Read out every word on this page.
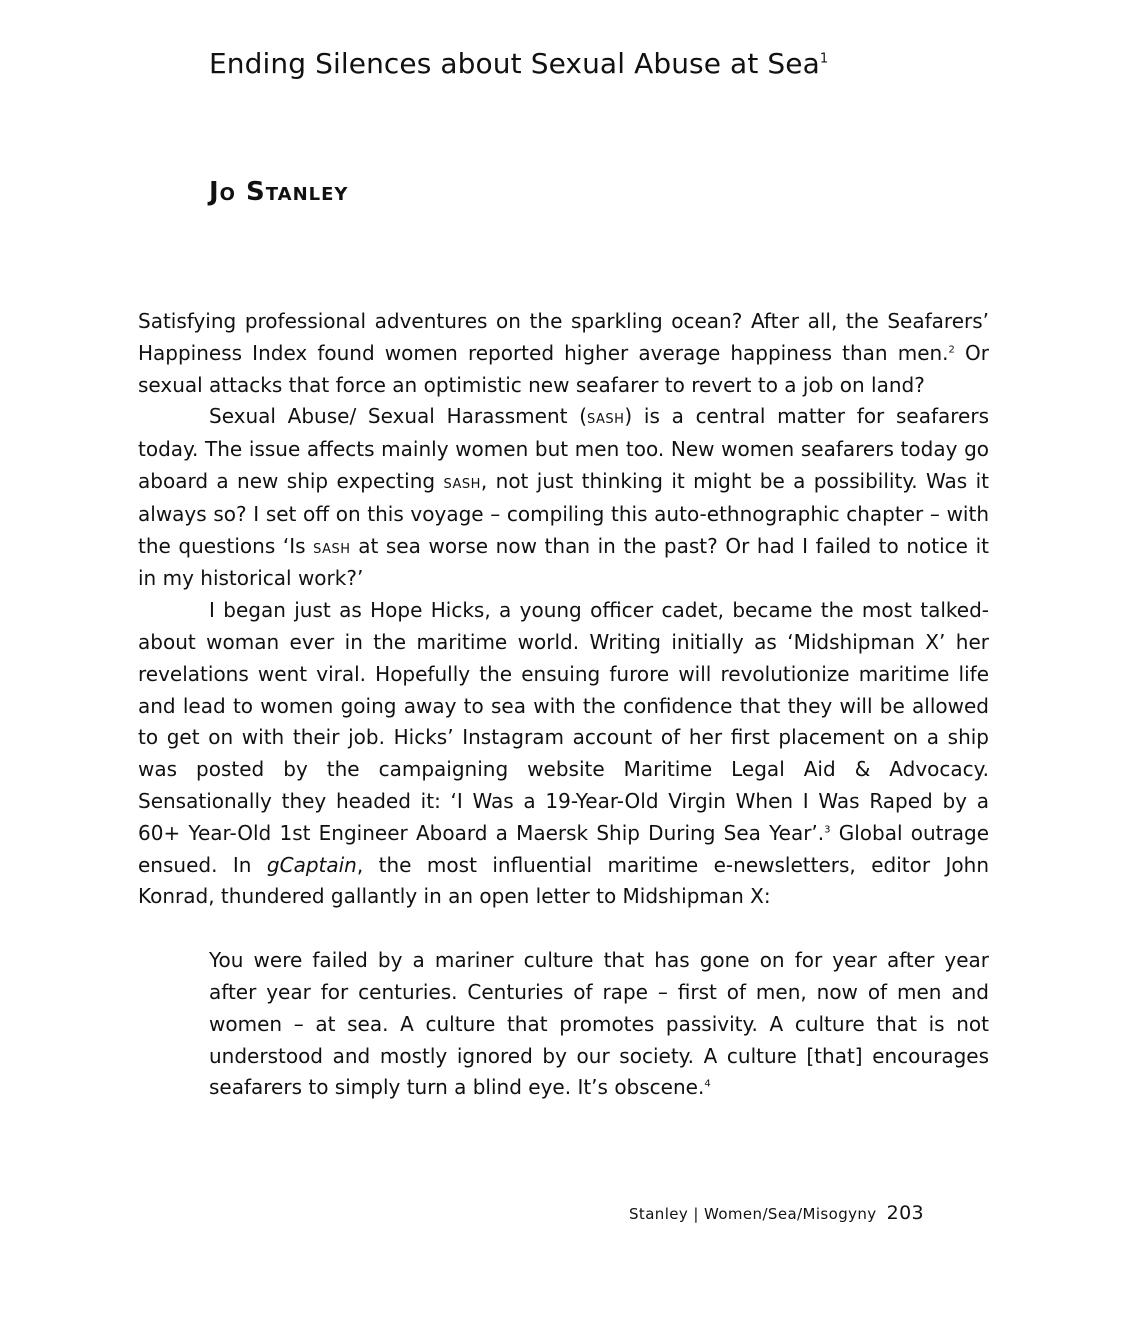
Ending Silences about Sexual Abuse at Sea$^1$
Jo Stanley

Satisfying professional adventures on the sparkling ocean? After all, the Seafarers’ Happiness Index found women reported higher average happiness than men.$^2$ Or sexual attacks that force an optimistic new seafarer to revert to a job on land?

Sexual Abuse/ Sexual Harassment (sash) is a central matter for seafarers today. The issue affects mainly women but men too. New women seafarers today go aboard a new ship expecting sash, not just thinking it might be a possibility. Was it always so? I set off on this voyage – compiling this auto-ethnographic chapter – with the questions ‘Is sash at sea worse now than in the past? Or had I failed to notice it in my historical work?’

I began just as Hope Hicks, a young officer cadet, became the most talked-about woman ever in the maritime world. Writing initially as ‘Midshipman X’ her revelations went viral. Hopefully the ensuing furore will revolutionize maritime life and lead to women going away to sea with the confidence that they will be allowed to get on with their job. Hicks’ Instagram account of her first placement on a ship was posted by the campaigning website Maritime Legal Aid & Advocacy. Sensationally they headed it: ‘I Was a 19-Year-Old Virgin When I Was Raped by a 60+ Year-Old 1st Engineer Aboard a Maersk Ship During Sea Year’.$^3$ Global outrage ensued. In gCaptain, the most influential maritime e-newsletters, editor John Konrad, thundered gallantly in an open letter to Midshipman X:

You were failed by a mariner culture that has gone on for year after year after year for centuries. Centuries of rape – first of men, now of men and women – at sea. A culture that promotes passivity. A culture that is not understood and mostly ignored by our society. A culture [that] encourages seafarers to simply turn a blind eye. It’s obscene.$^4$

Stanley | Women/Sea/Misogyny 203
